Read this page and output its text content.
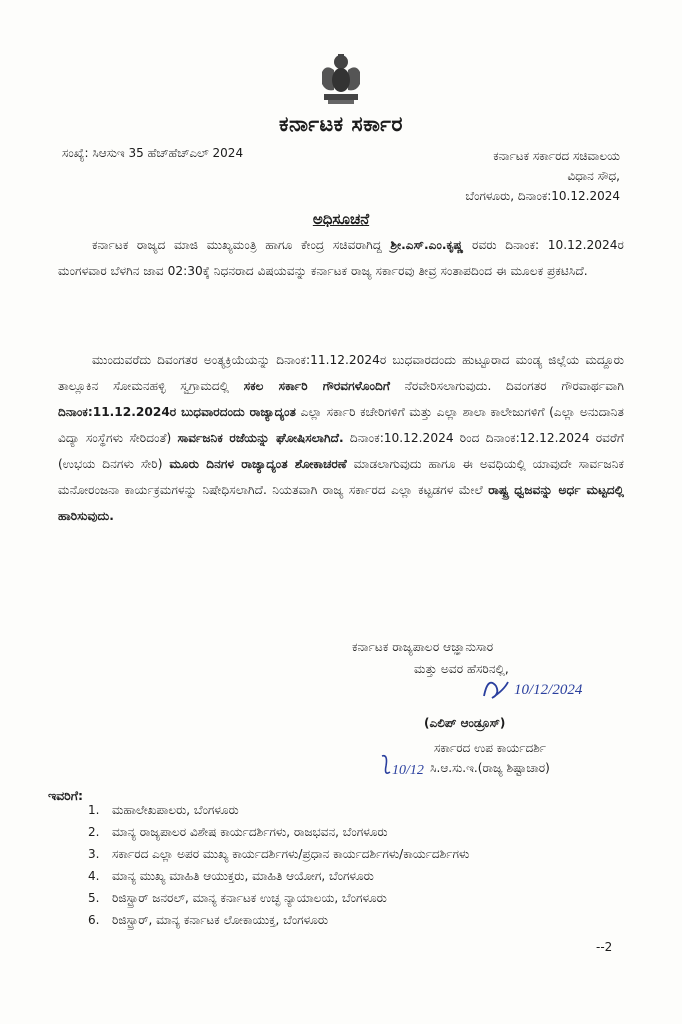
ಕರ್ನಾಟಕ ಸರ್ಕಾರ
ಸಂಖ್ಯೆ: ಸಿಆಸುಇ 35 ಹೆಚ್‌ಹೆಚ್‌ಎಲ್ 2024	ಕರ್ನಾಟಕ ಸರ್ಕಾರದ ಸಚಿವಾಲಯ
ವಿಧಾನ ಸೌಧ,
ಬೆಂಗಳೂರು, ದಿನಾಂಕ:10.12.2024
ಅಧಿಸೂಚನೆ
ಕರ್ನಾಟಕ ರಾಜ್ಯದ ಮಾಜಿ ಮುಖ್ಯಮಂತ್ರಿ ಹಾಗೂ ಕೇಂದ್ರ ಸಚಿವರಾಗಿದ್ದ ಶ್ರೀ.ಎಸ್.ಎಂ.ಕೃಷ್ಣ ರವರು ದಿನಾಂಕ: 10.12.2024ರ ಮಂಗಳವಾರ ಬೆಳಗಿನ ಜಾವ 02:30ಕ್ಕೆ ನಿಧನರಾದ ವಿಷಯವನ್ನು ಕರ್ನಾಟಕ ರಾಜ್ಯ ಸರ್ಕಾರವು ತೀವ್ರ ಸಂತಾಪದಿಂದ ಈ ಮೂಲಕ ಪ್ರಕಟಿಸಿದೆ.
ಮುಂದುವರೆದು ದಿವಂಗತರ ಅಂತ್ಯಕ್ರಿಯೆಯನ್ನು ದಿನಾಂಕ:11.12.2024ರ ಬುಧವಾರದಂದು ಹುಟ್ಟೂರಾದ ಮಂಡ್ಯ ಜಿಲ್ಲೆಯ ಮದ್ದೂರು ತಾಲ್ಲೂಕಿನ ಸೋಮನಹಳ್ಳಿ ಸ್ವಗ್ರಾಮದಲ್ಲಿ ಸಕಲ ಸರ್ಕಾರಿ ಗೌರವಗಳೊಂದಿಗೆ ನೆರವೇರಿಸಲಾಗುವುದು. ದಿವಂಗತರ ಗೌರವಾರ್ಥವಾಗಿ ದಿನಾಂಕ:11.12.2024ರ ಬುಧವಾರದಂದು ರಾಜ್ಯಾದ್ಯಂತ ಎಲ್ಲಾ ಸರ್ಕಾರಿ ಕಚೇರಿಗಳಿಗೆ ಮತ್ತು ಎಲ್ಲಾ ಶಾಲಾ ಕಾಲೇಜುಗಳಿಗೆ (ಎಲ್ಲಾ ಅನುದಾನಿತ ವಿದ್ಯಾ ಸಂಸ್ಥೆಗಳು ಸೇರಿದಂತೆ) ಸಾರ್ವಜನಿಕ ರಜೆಯನ್ನು ಘೋಷಿಸಲಾಗಿದೆ. ದಿನಾಂಕ:10.12.2024 ರಿಂದ ದಿನಾಂಕ:12.12.2024 ರವರೆಗೆ (ಉಭಯ ದಿನಗಳು ಸೇರಿ) ಮೂರು ದಿನಗಳ ರಾಜ್ಯಾದ್ಯಂತ ಶೋಕಾಚರಣೆ ಮಾಡಲಾಗುವುದು ಹಾಗೂ ಈ ಅವಧಿಯಲ್ಲಿ ಯಾವುದೇ ಸಾರ್ವಜನಿಕ ಮನೋರಂಜನಾ ಕಾರ್ಯಕ್ರಮಗಳನ್ನು ನಿಷೇಧಿಸಲಾಗಿದೆ. ನಿಯತವಾಗಿ ರಾಜ್ಯ ಸರ್ಕಾರದ ಎಲ್ಲಾ ಕಟ್ಟಡಗಳ ಮೇಲೆ ರಾಷ್ಟ್ರ ಧ್ವಜವನ್ನು ಅರ್ಧ ಮಟ್ಟದಲ್ಲಿ ಹಾರಿಸುವುದು.
ಕರ್ನಾಟಕ ರಾಜ್ಯಪಾಲರ ಆಜ್ಞಾನುಸಾರ
ಮತ್ತು ಅವರ ಹೆಸರಿನಲ್ಲಿ,
10/12/2024
(ಎಲಿಪ್ ಆಂಡ್ರೂಸ್)
ಸರ್ಕಾರದ ಉಪ ಕಾರ್ಯದರ್ಶಿ
ಸಿ.ಆ.ಸು.ಇ.(ರಾಜ್ಯ ಶಿಷ್ಟಾಚಾರ)
10/12
ಇವರಿಗೆ:
1.	ಮಹಾಲೇಖಪಾಲರು, ಬೆಂಗಳೂರು
2.	ಮಾನ್ಯ ರಾಜ್ಯಪಾಲರ ವಿಶೇಷ ಕಾರ್ಯದರ್ಶಿಗಳು, ರಾಜಭವನ, ಬೆಂಗಳೂರು
3.	ಸರ್ಕಾರದ ಎಲ್ಲಾ ಅಪರ ಮುಖ್ಯ ಕಾರ್ಯದರ್ಶಿಗಳು/ಪ್ರಧಾನ ಕಾರ್ಯದರ್ಶಿಗಳು/ಕಾರ್ಯದರ್ಶಿಗಳು
4.	ಮಾನ್ಯ ಮುಖ್ಯ ಮಾಹಿತಿ ಆಯುಕ್ತರು, ಮಾಹಿತಿ ಆಯೋಗ, ಬೆಂಗಳೂರು
5.	ರಿಜಿಸ್ಟ್ರಾರ್ ಜನರಲ್, ಮಾನ್ಯ ಕರ್ನಾಟಕ ಉಚ್ಛ ನ್ಯಾಯಾಲಯ, ಬೆಂಗಳೂರು
6.	ರಿಜಿಸ್ಟ್ರಾರ್, ಮಾನ್ಯ ಕರ್ನಾಟಕ ಲೋಕಾಯುಕ್ತ, ಬೆಂಗಳೂರು
--2
